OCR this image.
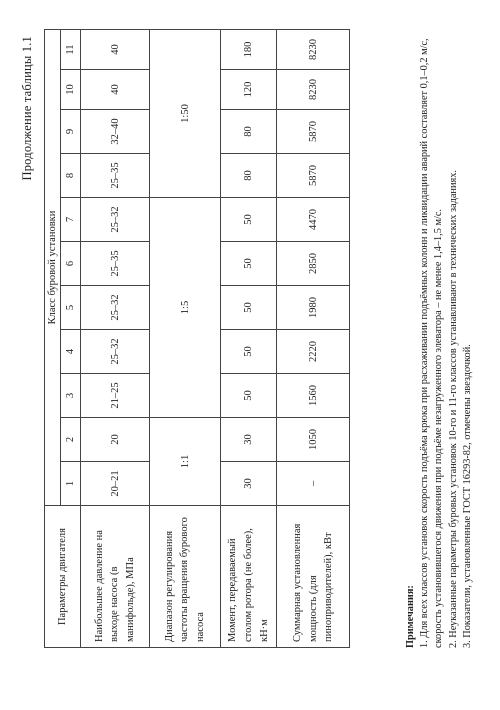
Продолжение таблицы 1.1
Параметры двигателя	Класс буровой установки										
	1	2	3	4	5	6	7	8	9	10	11
Наибольшее давление на выходе насоса (в манифольде), МПа	20–21	20	21–25	25–32	25–32	25–35	25–32	25–35	32–40	40	40
Диапазон регулирования частоты вращения бурового насоса	1:1		1:5					1:50			
Момент, передаваемый столом ротора (не более), кН·м	30	30	50	50	50	50	50	80	80	120	180
Суммарная установленная мощность (для пиноприводителей), кВт	–	1050	1560	2220	1980	2850	4470	5870	5870	8230	8230
Примечания: 1. Для всех классов установок скорость подъёма крюка при расхаживании подъёмных колонн и ликвидации аварий составляет 0,1–0,2 м/с, скорость установившегося движения при подъёме незагруженного элеватора – не менее 1,4–1,5 м/с. 2. Неуказанные параметры буровых установок 10-го и 11-го классов устанавливают в технических заданиях. 3. Показатели, установленные ГОСТ 16293-82, отмечены звездочкой.
